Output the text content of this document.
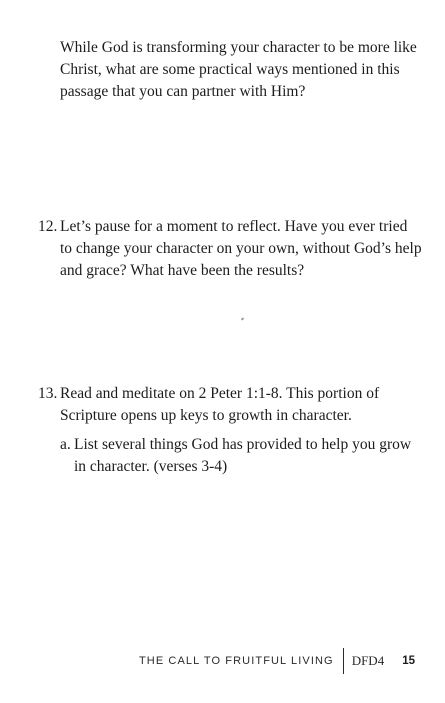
While God is transforming your character to be more like Christ, what are some practical ways mentioned in this passage that you can partner with Him?

12. Let’s pause for a moment to reflect. Have you ever tried to change your character on your own, without God’s help and grace? What have been the results?
13. Read and meditate on 2 Peter 1:1-8. This portion of Scripture opens up keys to growth in character.
a. List several things God has provided to help you grow in character. (verses 3-4)
THE CALL TO FRUITFUL LIVING	DFD4	15
